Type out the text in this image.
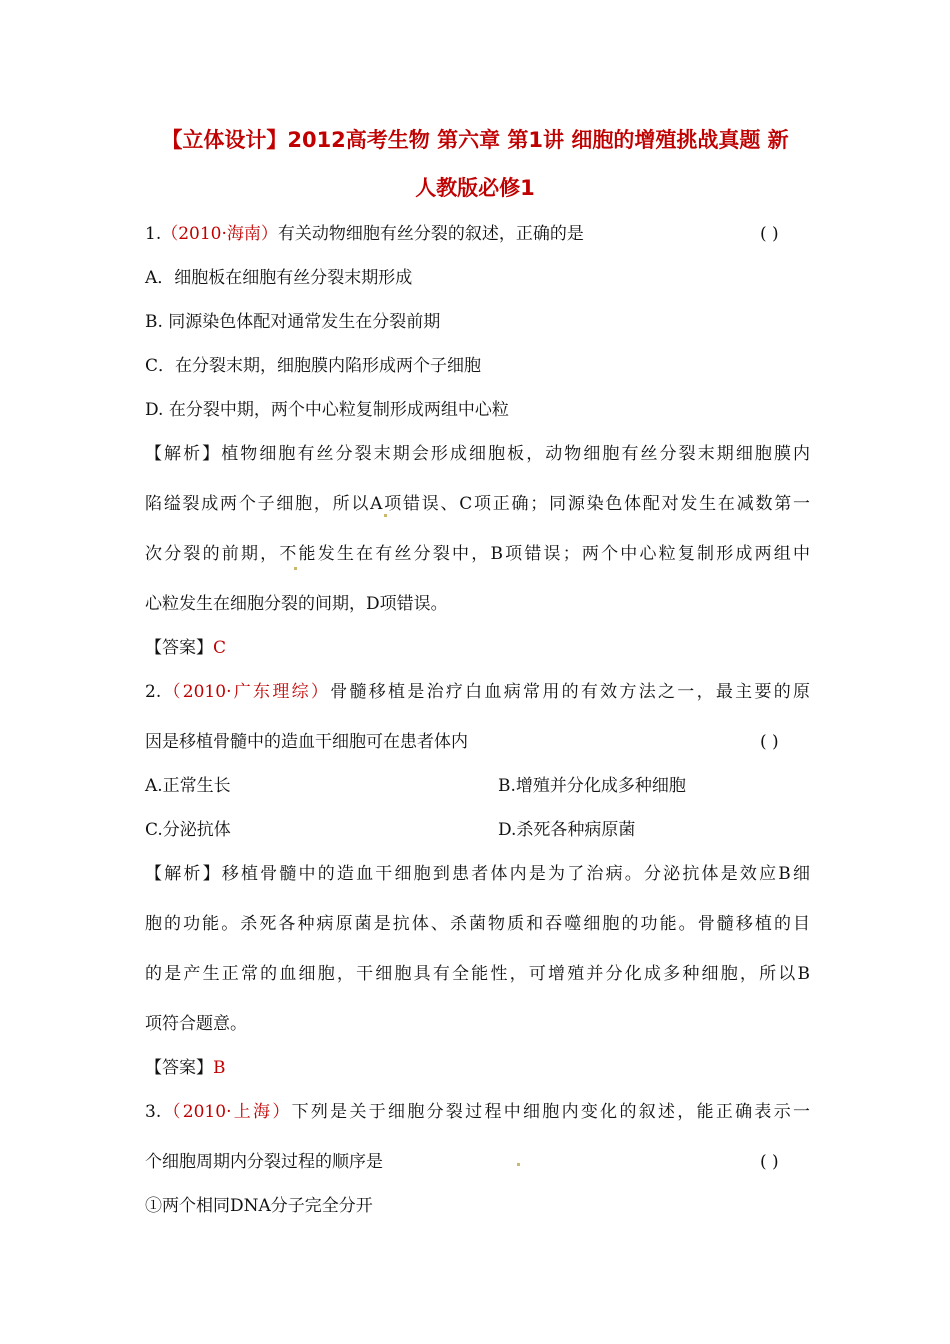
【立体设计】2012高考生物 第六章 第1讲 细胞的增殖挑战真题 新
人教版必修1
1.（2010·海南）有关动物细胞有丝分裂的叙述，正确的是	( )
A．细胞板在细胞有丝分裂末期形成
B. 同源染色体配对通常发生在分裂前期
C．在分裂末期，细胞膜内陷形成两个子细胞
D. 在分裂中期，两个中心粒复制形成两组中心粒
【解析】植物细胞有丝分裂末期会形成细胞板，动物细胞有丝分裂末期细胞膜内
陷缢裂成两个子细胞，所以A项错误、C项正确；同源染色体配对发生在减数第一
次分裂的前期，不能发生在有丝分裂中，B项错误；两个中心粒复制形成两组中
心粒发生在细胞分裂的间期，D项错误。
【答案】C
2.（2010·广东理综）骨髓移植是治疗白血病常用的有效方法之一，最主要的原
因是移植骨髓中的造血干细胞可在患者体内	( )
A.正常生长	B.增殖并分化成多种细胞
C.分泌抗体	D.杀死各种病原菌
【解析】移植骨髓中的造血干细胞到患者体内是为了治病。分泌抗体是效应B细
胞的功能。杀死各种病原菌是抗体、杀菌物质和吞噬细胞的功能。骨髓移植的目
的是产生正常的血细胞，干细胞具有全能性，可增殖并分化成多种细胞，所以B
项符合题意。
【答案】B
3.（2010·上海）下列是关于细胞分裂过程中细胞内变化的叙述，能正确表示一
个细胞周期内分裂过程的顺序是	( )
①两个相同DNA分子完全分开
